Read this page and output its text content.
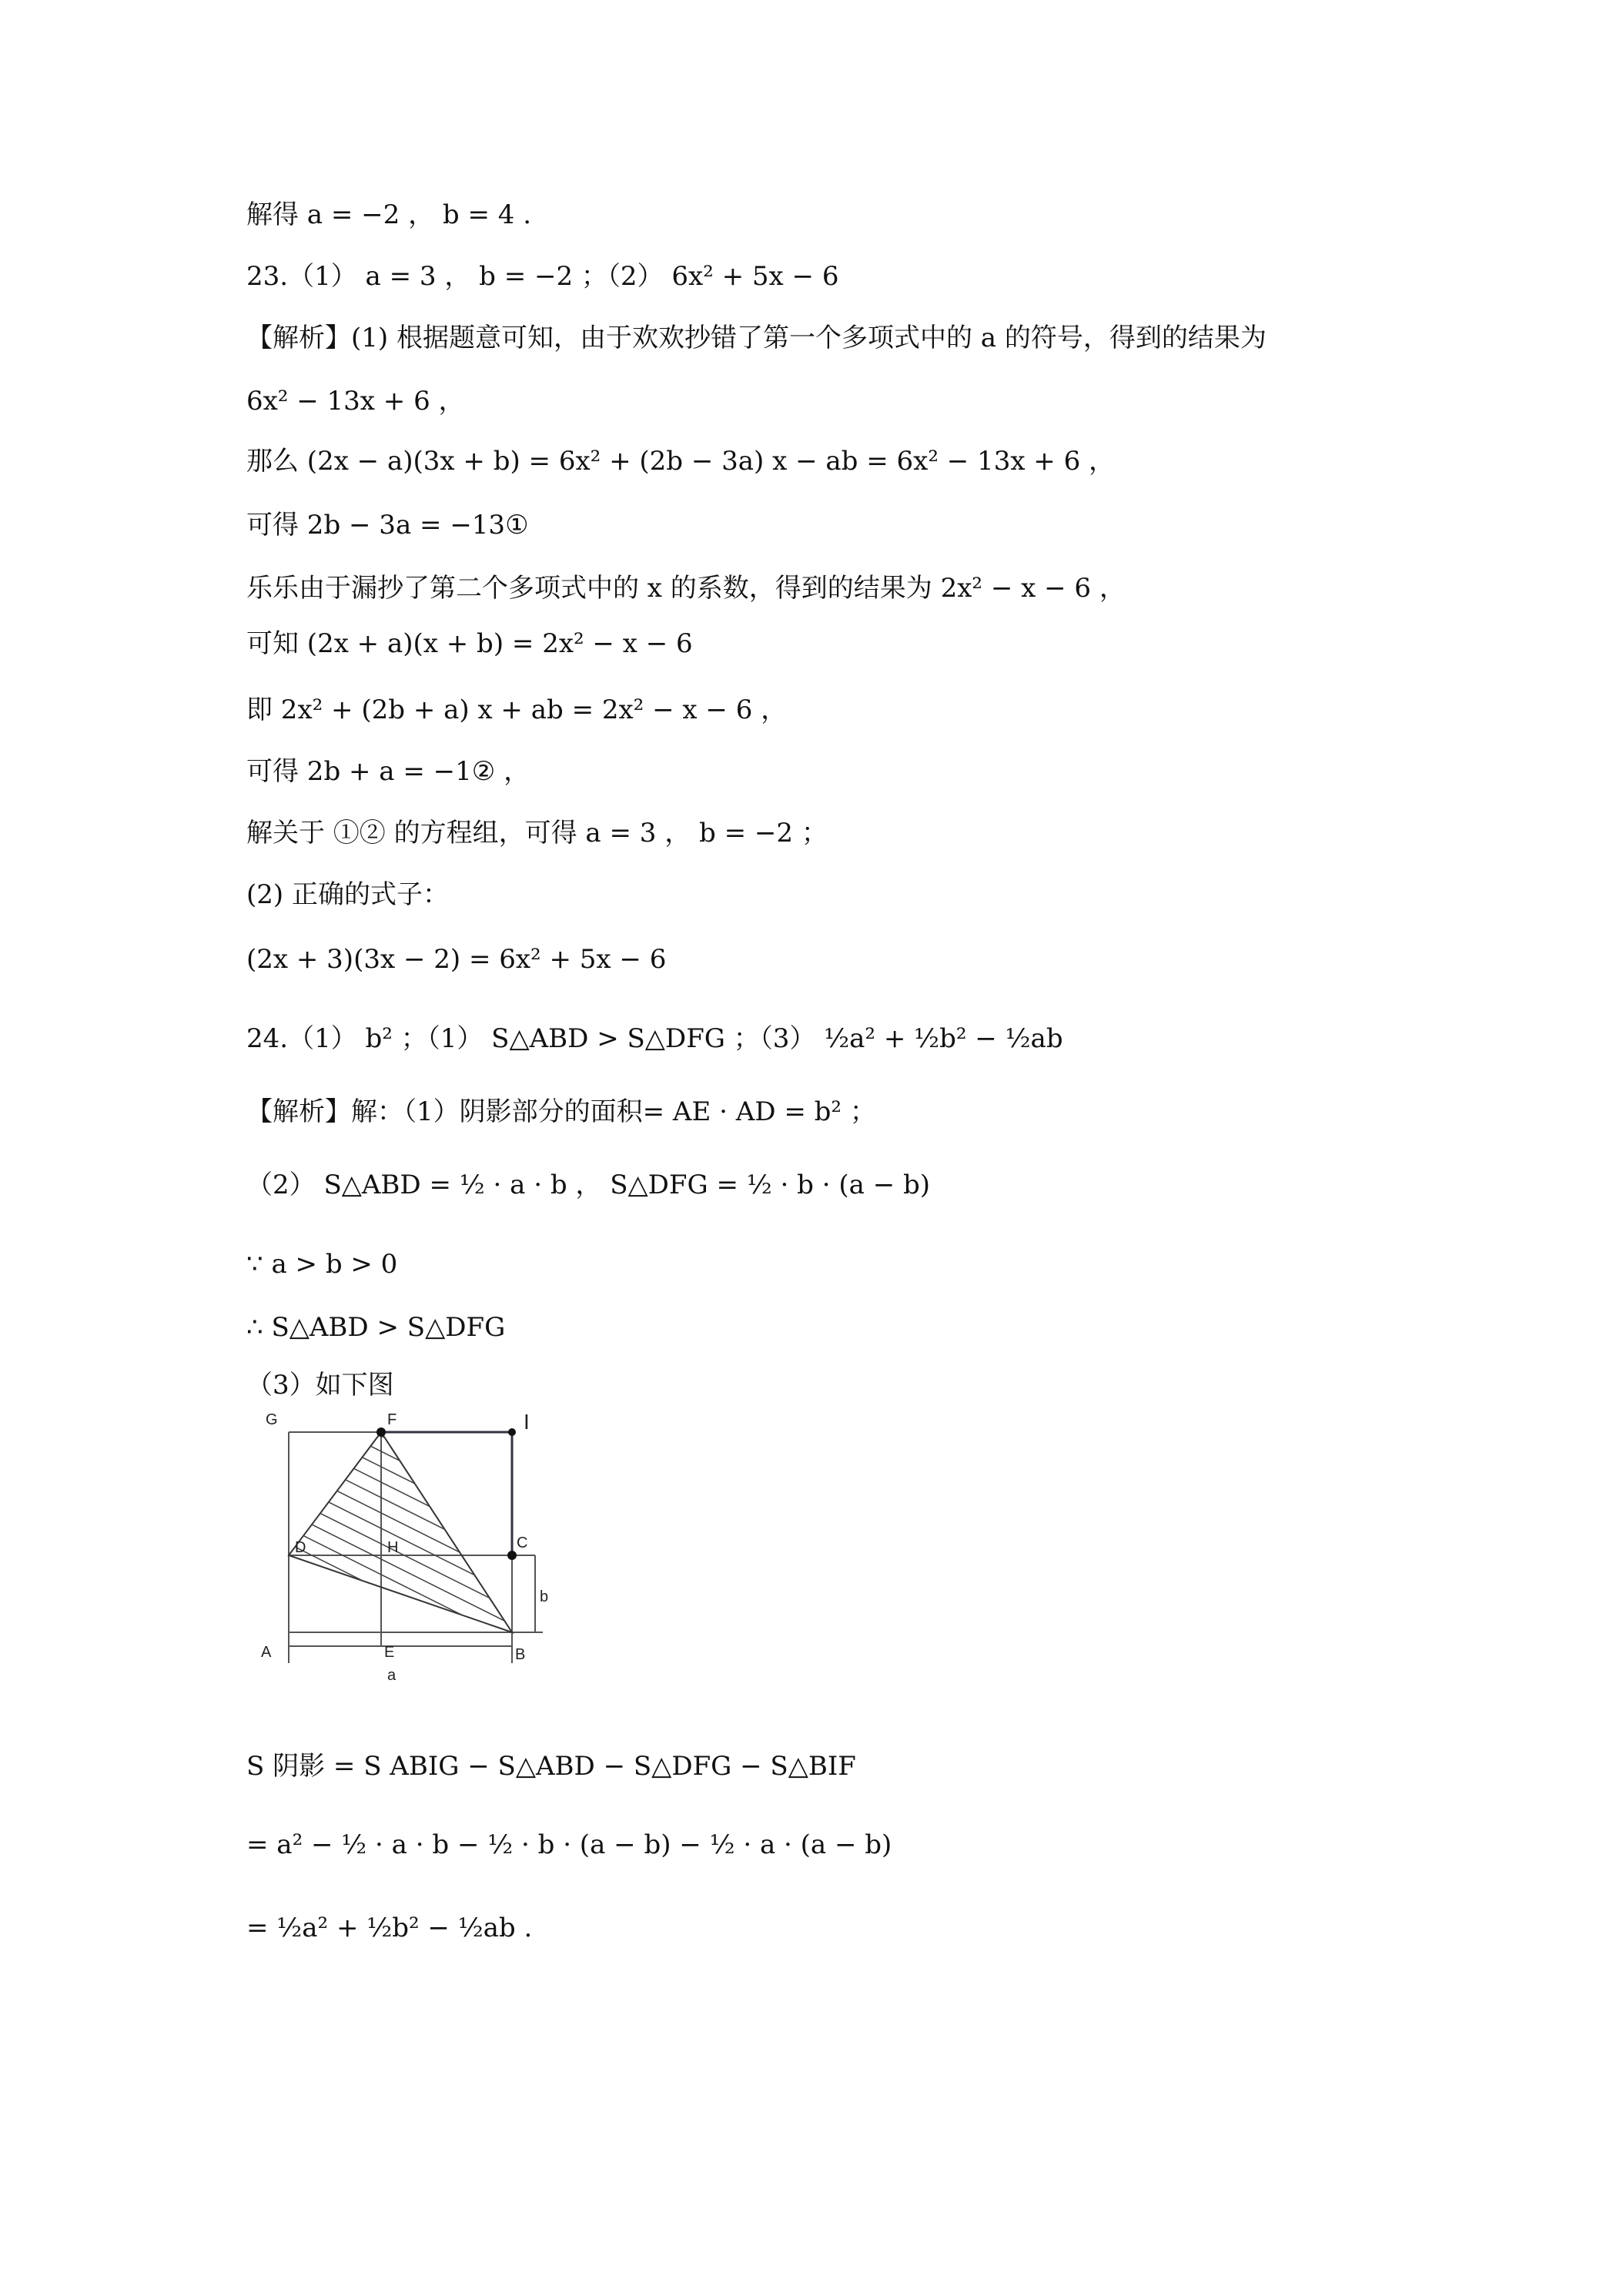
解得 a = −2 ， b = 4 .
23.（1） a = 3 ， b = −2 ；（2） 6x² + 5x − 6
【解析】(1) 根据题意可知，由于欢欢抄错了第一个多项式中的 a 的符号，得到的结果为
6x² − 13x + 6 ，
那么 (2x − a)(3x + b) = 6x² + (2b − 3a) x − ab = 6x² − 13x + 6 ，
可得 2b − 3a = −13①
乐乐由于漏抄了第二个多项式中的 x 的系数，得到的结果为 2x² − x − 6 ，
可知 (2x + a)(x + b) = 2x² − x − 6
即 2x² + (2b + a) x + ab = 2x² − x − 6 ，
可得 2b + a = −1② ，
解关于 ①② 的方程组，可得 a = 3 ， b = −2 ；
(2) 正确的式子：
(2x + 3)(3x − 2) = 6x² + 5x − 6
24.（1） b² ；（1） S△ABD > S△DFG ；（3） ½a² + ½b² − ½ab
【解析】解：（1）阴影部分的面积= AE · AD = b² ；
（2） S△ABD = ½ · a · b ， S△DFG = ½ · b · (a − b)
∵ a > b > 0
∴ S△ABD > S△DFG
（3）如下图
G	F	I
D	H	C
A	E	B
a
b
S 阴影 = S ABIG − S△ABD − S△DFG − S△BIF
= a² − ½ · a · b − ½ · b · (a − b) − ½ · a · (a − b)
= ½a² + ½b² − ½ab .
